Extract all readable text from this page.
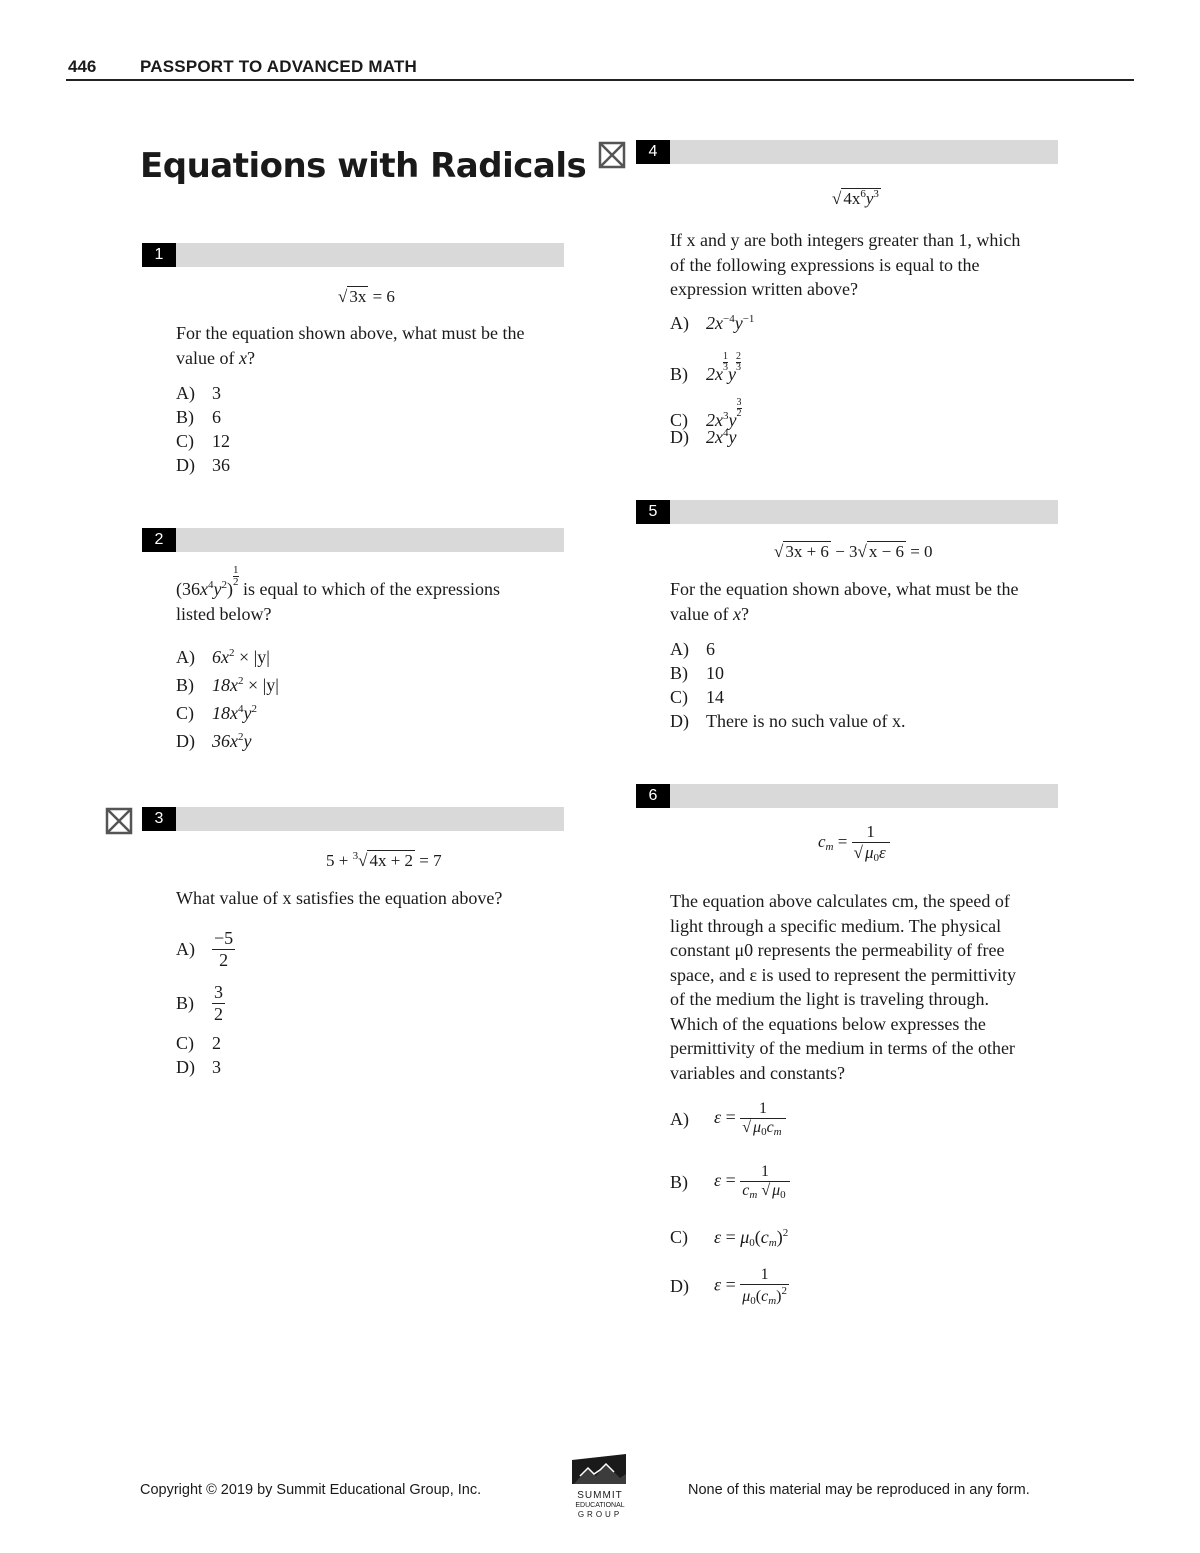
446	PASSPORT TO ADVANCED MATH
Equations with Radicals
1
√ 3x = 6
For the equation shown above, what must be the
value of x?
A) 3
B) 6
C) 12
D) 36
2
$(36x^4y^2)$
$\frac{1}{2}$
is equal to which of the expressions
listed below?
A) $6x^2 \times |y|$
B) $18x^2 \times |y|$
C) $18x^4y^2$
D) $36x^2y$
3
5 + $^3$√ 4x + 2 = 7
What value of x satisfies the equation above?
$A) \frac{-5}{2}$
$B) \frac{3}{2}$
C) 2
D) 3
4
√ $4x^6y^3$
If x and y are both integers greater than 1, which
of the following expressions is equal to the
expression written above?
A) $2x^{-4}y^{-1}$
B) 2x
$\frac{1}{3}$
y
$\frac{2}{3}$
C) $2x^3y$
$\frac{3}{2}$
D) $2x^4y$
5
√ 3x + 6 − 3√ x − 6 = 0
For the equation shown above, what must be the
value of x?
A) 6
B) 10
C) 14
D) There is no such value of x.
6
$c_m = \frac{1}{√ \mu_0\varepsilon}$
The equation above calculates cm, the speed of
light through a specific medium. The physical
constant μ0 represents the permeability of free
space, and ε is used to represent the permittivity
of the medium the light is traveling through.
Which of the equations below expresses the
permittivity of the medium in terms of the other
variables and constants?
A) $\varepsilon = \frac{1}{√ \mu_0c_m}$
B) $\varepsilon = \frac{1}{c_m √ \mu_0}$
C) $\varepsilon = \mu_0(c_m)^2$
D) $\varepsilon = \frac{1}{\mu_0(c_m)^2}$
Copyright © 2019 by Summit Educational Group, Inc.	SUMMIT
EDUCATIONAL
GROUP
None of this material may be reproduced in any form.
